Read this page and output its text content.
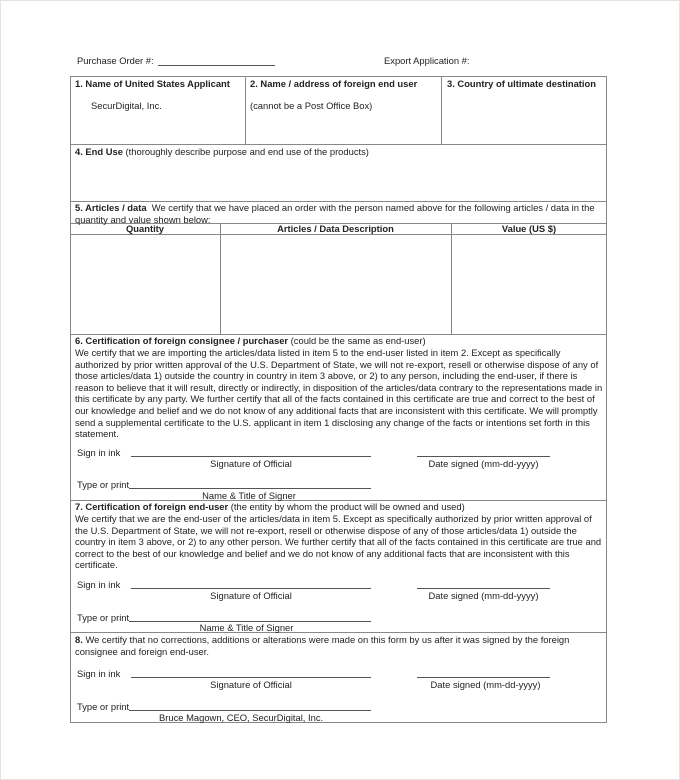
Purchase Order #:	Export Application #:
1. Name of United States Applicant
SecurDigital, Inc.
2. Name / address of foreign end user
(cannot be a Post Office Box)
3. Country of ultimate destination
4. End Use (thoroughly describe purpose and end use of the products)
5. Articles / data We certify that we have placed an order with the person named above for the following articles / data in the quantity and value shown below:
Quantity	Articles / Data Description	Value (US $)
6. Certification of foreign consignee / purchaser (could be the same as end-user)
We certify that we are importing the articles/data listed in item 5 to the end-user listed in item 2. Except as specifically authorized by prior written approval of the U.S. Department of State, we will not re-export, resell or otherwise dispose of any of those articles/data 1) outside the country in country in item 3 above, or 2) to any person, including the end-user, if there is reason to believe that it will result, directly or indirectly, in disposition of the articles/data contrary to the representations made in this certificate by any party. We further certify that all of the facts contained in this certificate are true and correct to the best of our knowledge and belief and we do not know of any additional facts that are inconsistent with this certificate. We will promptly send a supplemental certificate to the U.S. applicant in item 1 disclosing any change of the facts or intentions set forth in this statement.
Sign in ink
Signature of Official	Date signed (mm-dd-yyyy)
Type or print
Name & Title of Signer
7. Certification of foreign end-user (the entity by whom the product will be owned and used)
We certify that we are the end-user of the articles/data in item 5. Except as specifically authorized by prior written approval of the U.S. Department of State, we will not re-export, resell or otherwise dispose of any of those articles/data 1) outside the country in item 3 above, or 2) to any other person. We further certify that all of the facts contained in this certificate are true and correct to the best of our knowledge and belief and we do not know of any additional facts that are inconsistent with this certificate.
Sign in ink
Signature of Official	Date signed (mm-dd-yyyy)
Type or print
Name & Title of Signer
8. We certify that no corrections, additions or alterations were made on this form by us after it was signed by the foreign consignee and foreign end-user.
Sign in ink
Signature of Official	Date signed (mm-dd-yyyy)
Type or print
Bruce Magown, CEO, SecurDigital, Inc.
